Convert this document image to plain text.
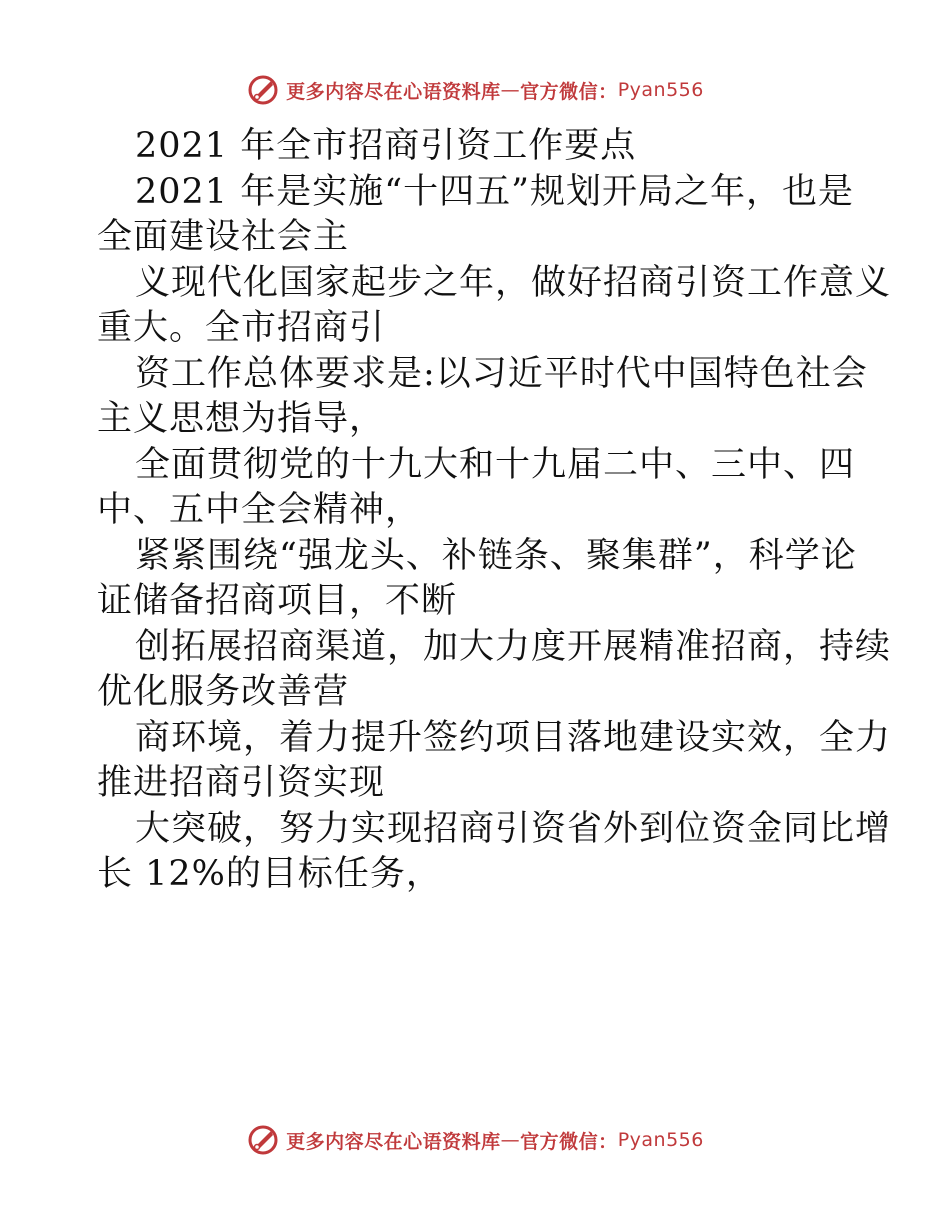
更多内容尽在心语资料库 — 官方微信： Pyan556
2021 年全市招商引资工作要点
2021 年是实施“十四五”规划开局之年，也是
全面建设社会主
义现代化国家起步之年，做好招商引资工作意义
重大。全市招商引
资工作总体要求是:以习近平时代中国特色社会
主义思想为指导，
全面贯彻党的十九大和十九届二中、三中、四
中、五中全会精神，
紧紧围绕“强龙头、补链条、聚集群”，科学论
证储备招商项目，不断
创拓展招商渠道，加大力度开展精准招商，持续
优化服务改善营
商环境，着力提升签约项目落地建设实效，全力
推进招商引资实现
大突破，努力实现招商引资省外到位资金同比增
长 12%的目标任务，
更多内容尽在心语资料库 — 官方微信： Pyan556
